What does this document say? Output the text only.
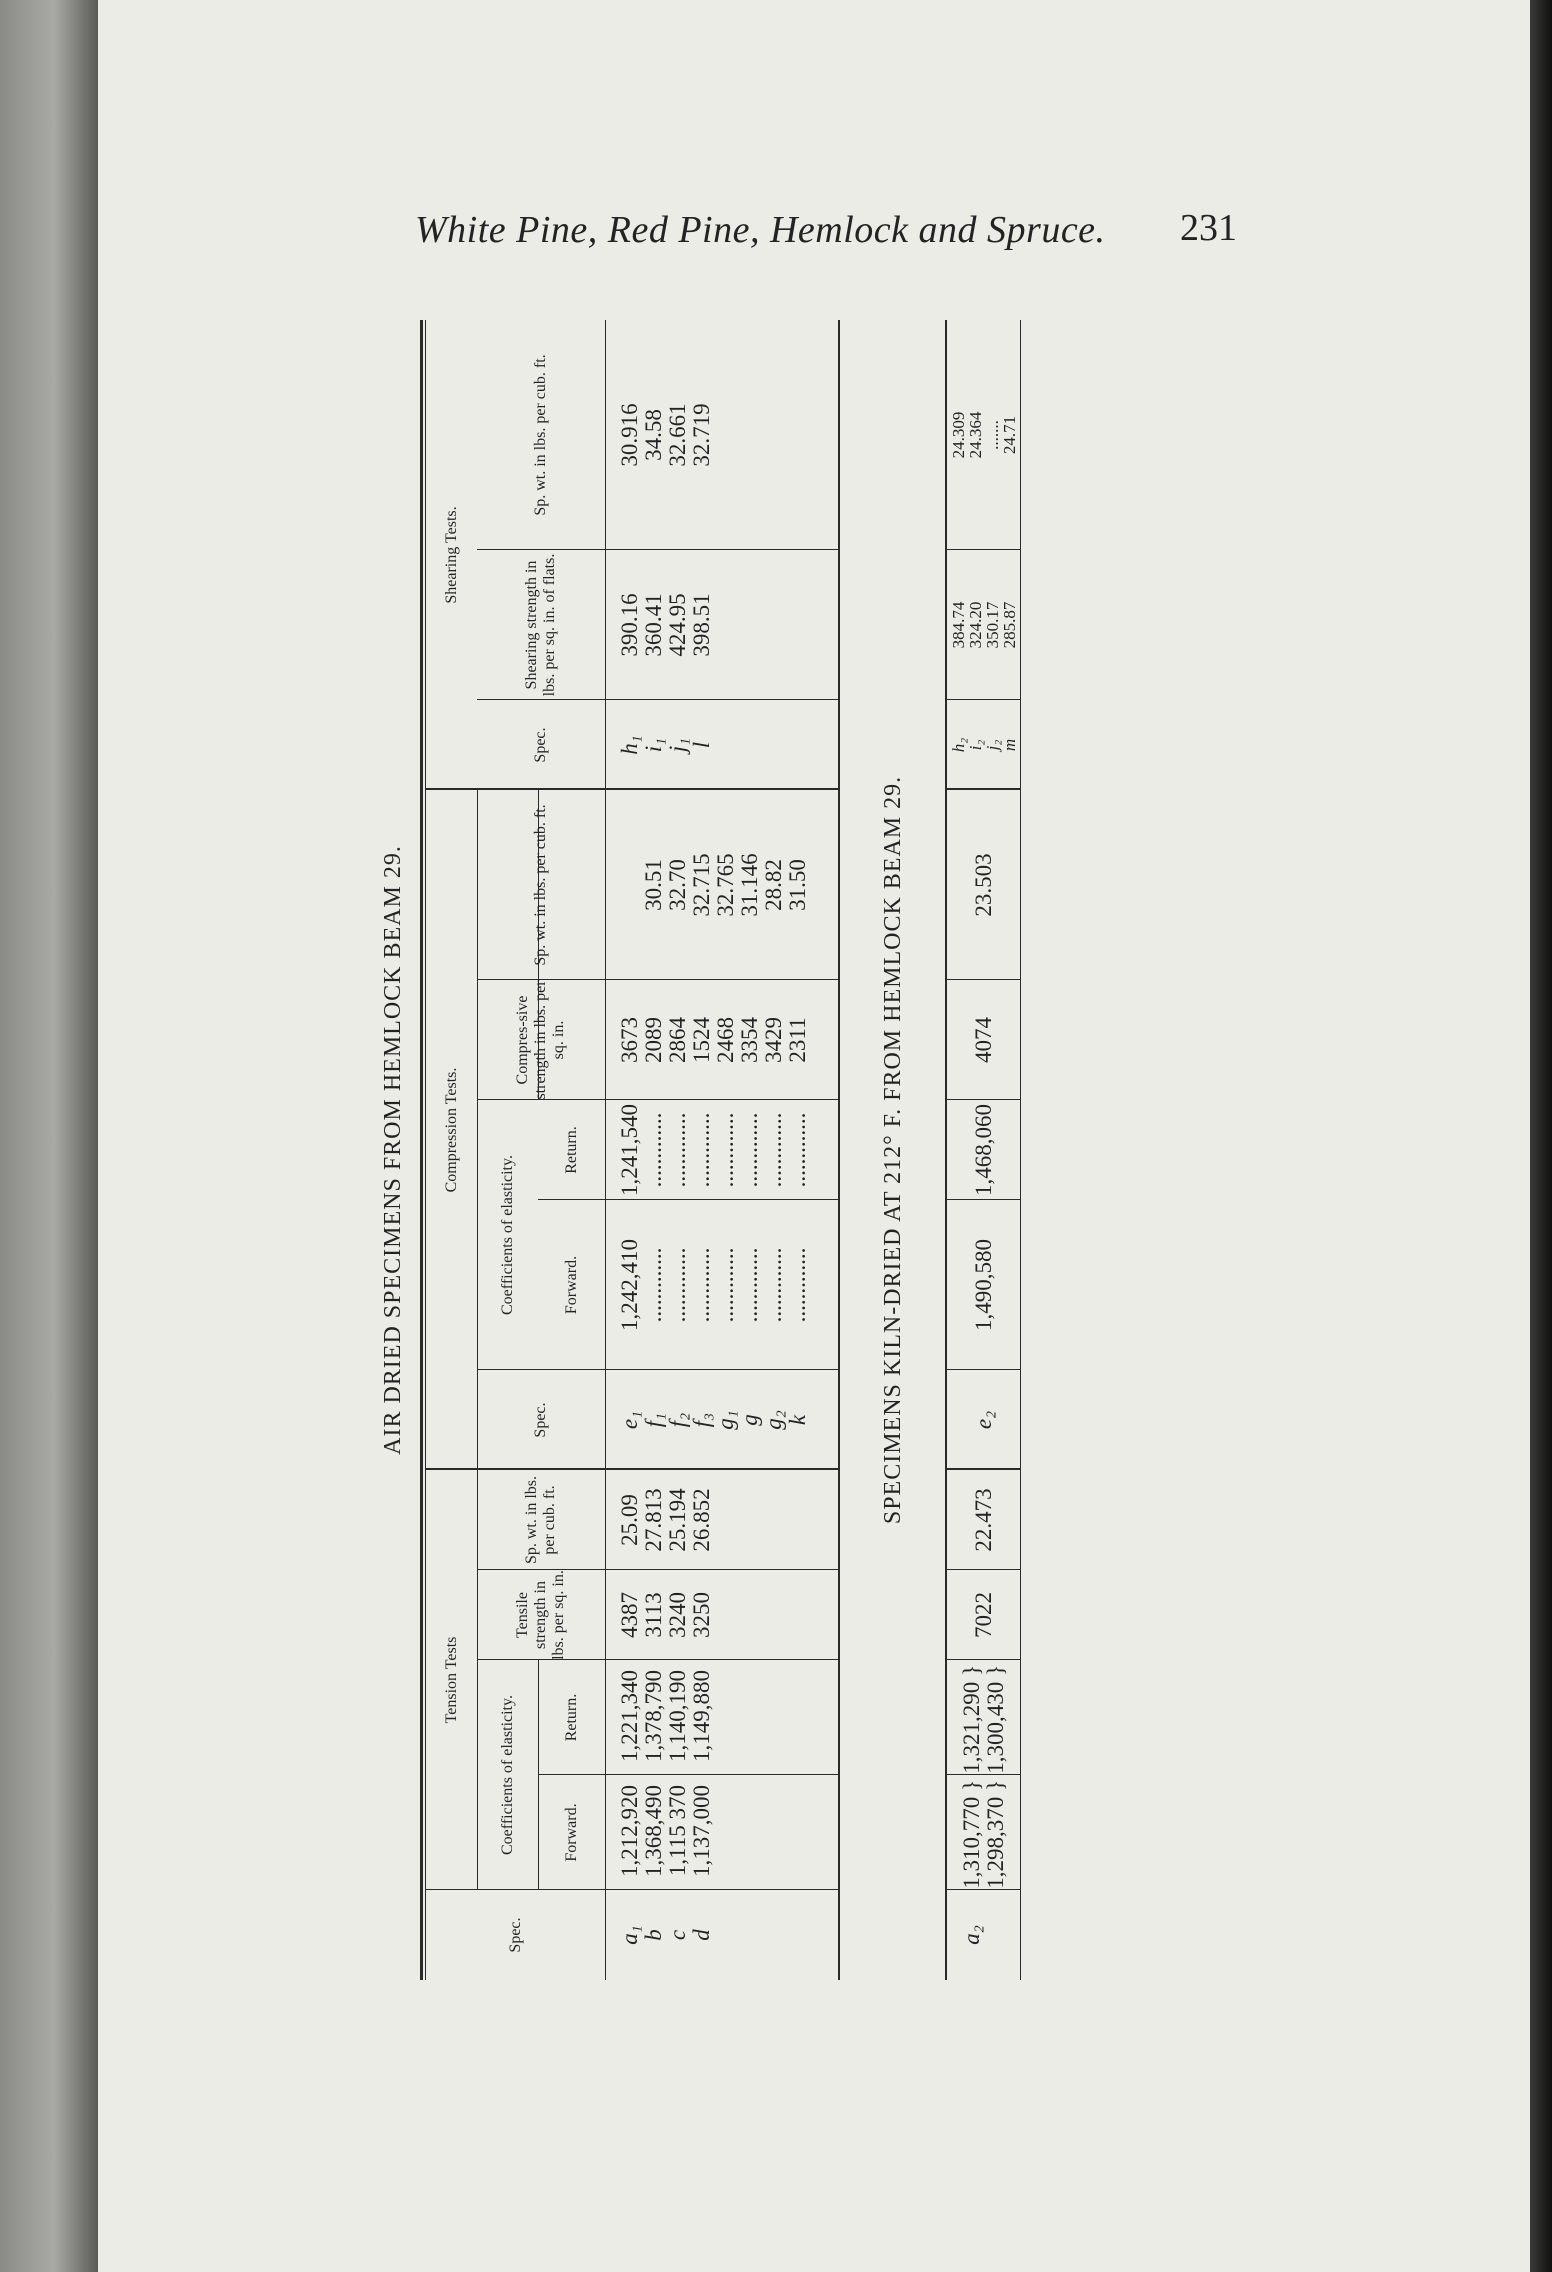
White Pine, Red Pine, Hemlock and Spruce. 231
AIR DRIED SPECIMENS FROM HEMLOCK BEAM 29.
Tension Tests
Compression Tests.
Shearing Tests.
Spec.
Coefficients of elasticity.	Forward.
Return.
Tensile strength in lbs. per sq. in.
Sp. wt. in lbs. per cub. ft.
Spec.
Coefficients of elasticity.	Forward.
Return.
Compres-sive strength in lbs. per sq. in.
Sp. wt. in lbs. per cub. ft.
Spec.
Shearing strength in lbs. per sq. in. of flats.
Sp. wt. in lbs. per cub. ft.
a₁
b
c
d
1,212,920
1,368,490
1,115 370
1,137,000
1,221,340
1,378,790
1,140,190
1,149,880
4387
3113
3240
3250
25.09
27.813
25.194
26.852
e₁
f₁
f₂
f₃
g₁
g
g₂
k
1,242,410
.............
.............
.............
.............
.............
.............
.............
1,241,540
.............
.............
.............
.............
.............
.............
.............
3673
2089
2864
1524
2468
3354
3429
2311

30.51
32.70
32.715
32.765
31.146
28.82
31.50
h₁
i₁
j₁
l
390.16
360.41
424.95
398.51
30.916
34.58
32.661
32.719
SPECIMENS KILN-DRIED AT 212° F. FROM HEMLOCK BEAM 29.
a₂
1,310,770 }
1,298,370 }
1,321,290 }
1,300,430 }
7022
22.473
e₂
1,490,580
1,468,060
4074
23.503
h₂
i₂
j₂
m
384.74
324.20
350.17
285.87
24.309
24.364
.......
24.71
